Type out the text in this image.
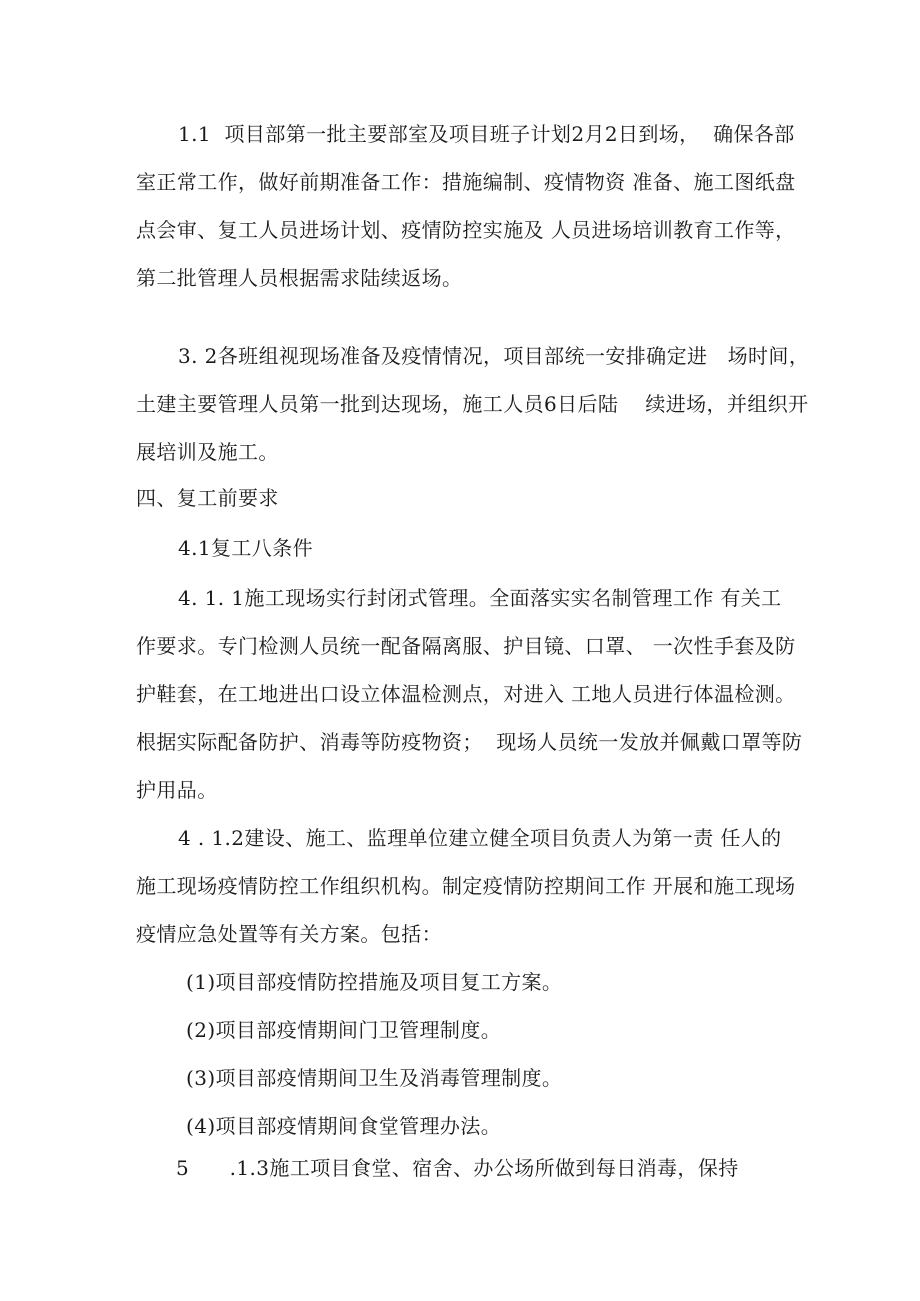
1.1  项目部第一批主要部室及项目班子计划2月2日到场，  确保各部
室正常工作，做好前期准备工作：措施编制、疫情物资 准备、施工图纸盘
点会审、复工人员进场计划、疫情防控实施及 人员进场培训教育工作等，
第二批管理人员根据需求陆续返场。
3. 2各班组视现场准备及疫情情况，项目部统一安排确定进   场时间，
土建主要管理人员第一批到达现场，施工人员6日后陆    续进场，并组织开
展培训及施工。
四、复工前要求
4.1复工八条件
4. 1. 1施工现场实行封闭式管理。全面落实实名制管理工作 有关工
作要求。专门检测人员统一配备隔离服、护目镜、口罩、 一次性手套及防
护鞋套，在工地进出口设立体温检测点，对进入 工地人员进行体温检测。
根据实际配备防护、消毒等防疫物资；  现场人员统一发放并佩戴口罩等防
护用品。
4 . 1.2建设、施工、监理单位建立健全项目负责人为第一责 任人的
施工现场疫情防控工作组织机构。制定疫情防控期间工作 开展和施工现场
疫情应急处置等有关方案。包括：
(1)项目部疫情防控措施及项目复工方案。
(2)项目部疫情期间门卫管理制度。
(3)项目部疫情期间卫生及消毒管理制度。
(4)项目部疫情期间食堂管理办法。
5      .1.3施工项目食堂、宿舍、办公场所做到每日消毒，保持
